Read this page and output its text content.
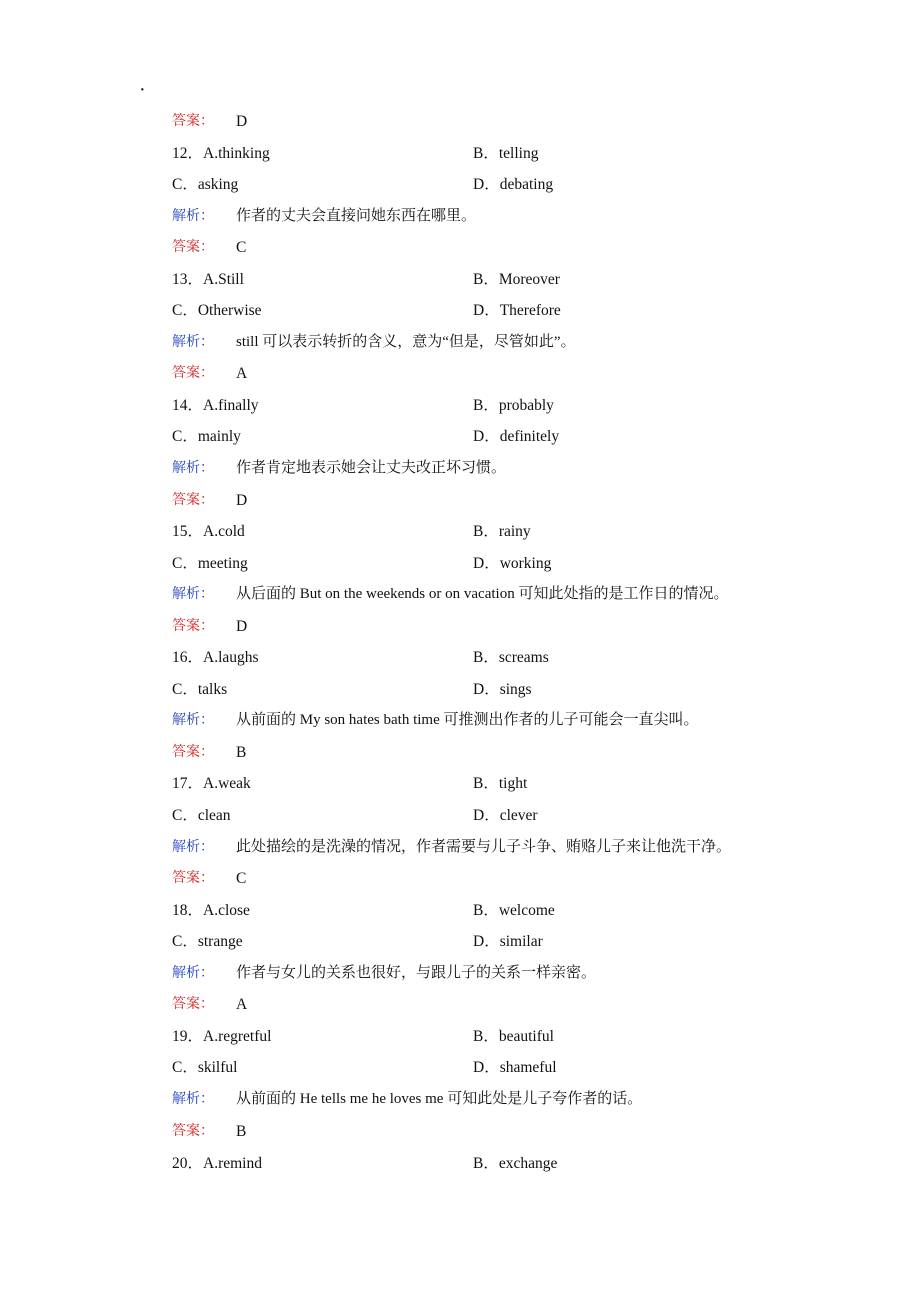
·
答案： D
12．A.thinking	B．telling
C．asking	D．debating
解析： 作者的丈夫会直接问她东西在哪里。
答案： C
13．A.Still	B．Moreover
C．Otherwise	D．Therefore
解析： still 可以表示转折的含义，意为“但是，尽管如此”。
答案： A
14．A.finally	B．probably
C．mainly	D．definitely
解析： 作者肯定地表示她会让丈夫改正坏习惯。
答案： D
15．A.cold	B．rainy
C．meeting	D．working
解析： 从后面的 But on the weekends or on vacation 可知此处指的是工作日的情况。
答案： D
16．A.laughs	B．screams
C．talks	D．sings
解析： 从前面的 My son hates bath time 可推测出作者的儿子可能会一直尖叫。
答案： B
17．A.weak	B．tight
C．clean	D．clever
解析： 此处描绘的是洗澡的情况，作者需要与儿子斗争、贿赂儿子来让他洗干净。
答案： C
18．A.close	B．welcome
C．strange	D．similar
解析： 作者与女儿的关系也很好，与跟儿子的关系一样亲密。
答案： A
19．A.regretful	B．beautiful
C．skilful	D．shameful
解析： 从前面的 He tells me he loves me 可知此处是儿子夸作者的话。
答案： B
20．A.remind	B．exchange
